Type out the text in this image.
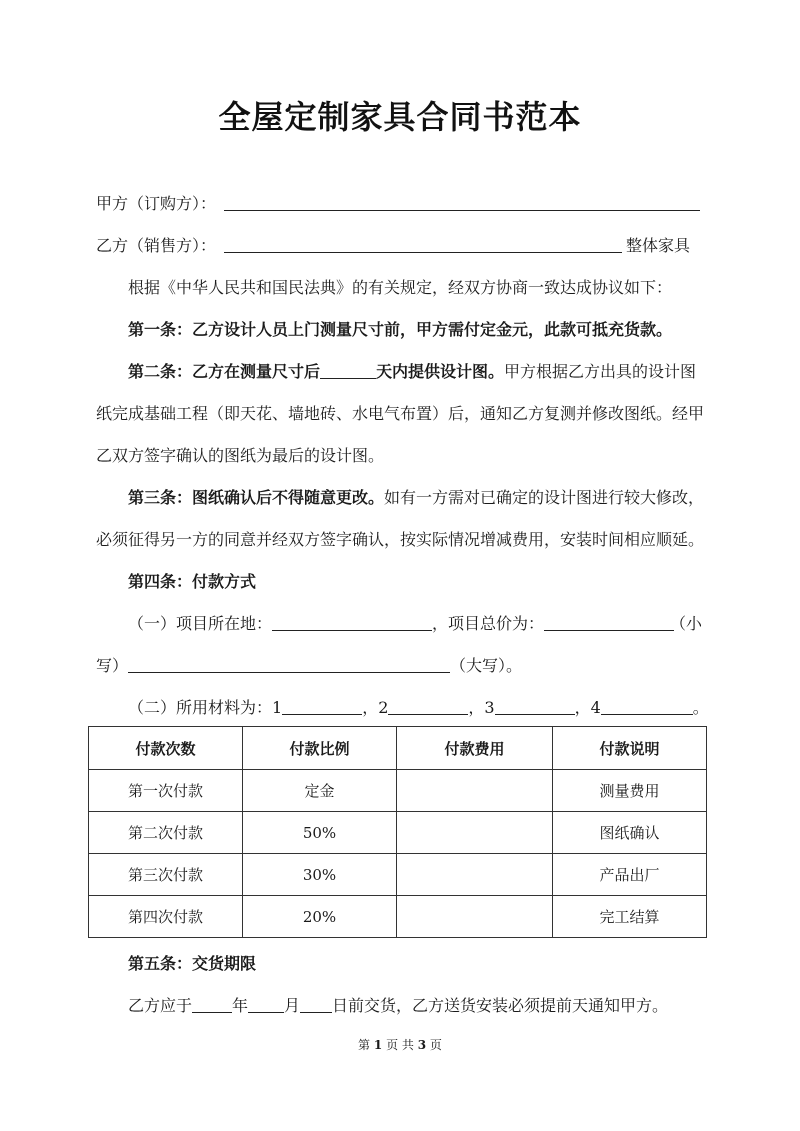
全屋定制家具合同书范本
甲方（订购方）：
乙方（销售方）：	整体家具
根据《中华人民共和国民法典》的有关规定，经双方协商一致达成协议如下：
第一条：乙方设计人员上门测量尺寸前，甲方需付定金元，此款可抵充货款。
第二条：乙方在测量尺寸后	天内提供设计图。甲方根据乙方出具的设计图
纸完成基础工程（即天花、墙地砖、水电气布置）后，通知乙方复测并修改图纸。经甲
乙双方签字确认的图纸为最后的设计图。
第三条：图纸确认后不得随意更改。如有一方需对已确定的设计图进行较大修改，
必须征得另一方的同意并经双方签字确认，按实际情况增减费用，安装时间相应顺延。
第四条：付款方式
（一）项目所在地：	，项目总价为：	（小
写）	（大写）。
（二）所用材料为：1	，2	，3	，4	。
付款次数	付款比例	付款费用	付款说明
第一次付款	定金		测量费用
第二次付款	50%		图纸确认
第三次付款	30%		产品出厂
第四次付款	20%		完工结算
第五条：交货期限
乙方应于	年 月 日前交货，乙方送货安装必须提前天通知甲方。
第 1 页 共 3 页
